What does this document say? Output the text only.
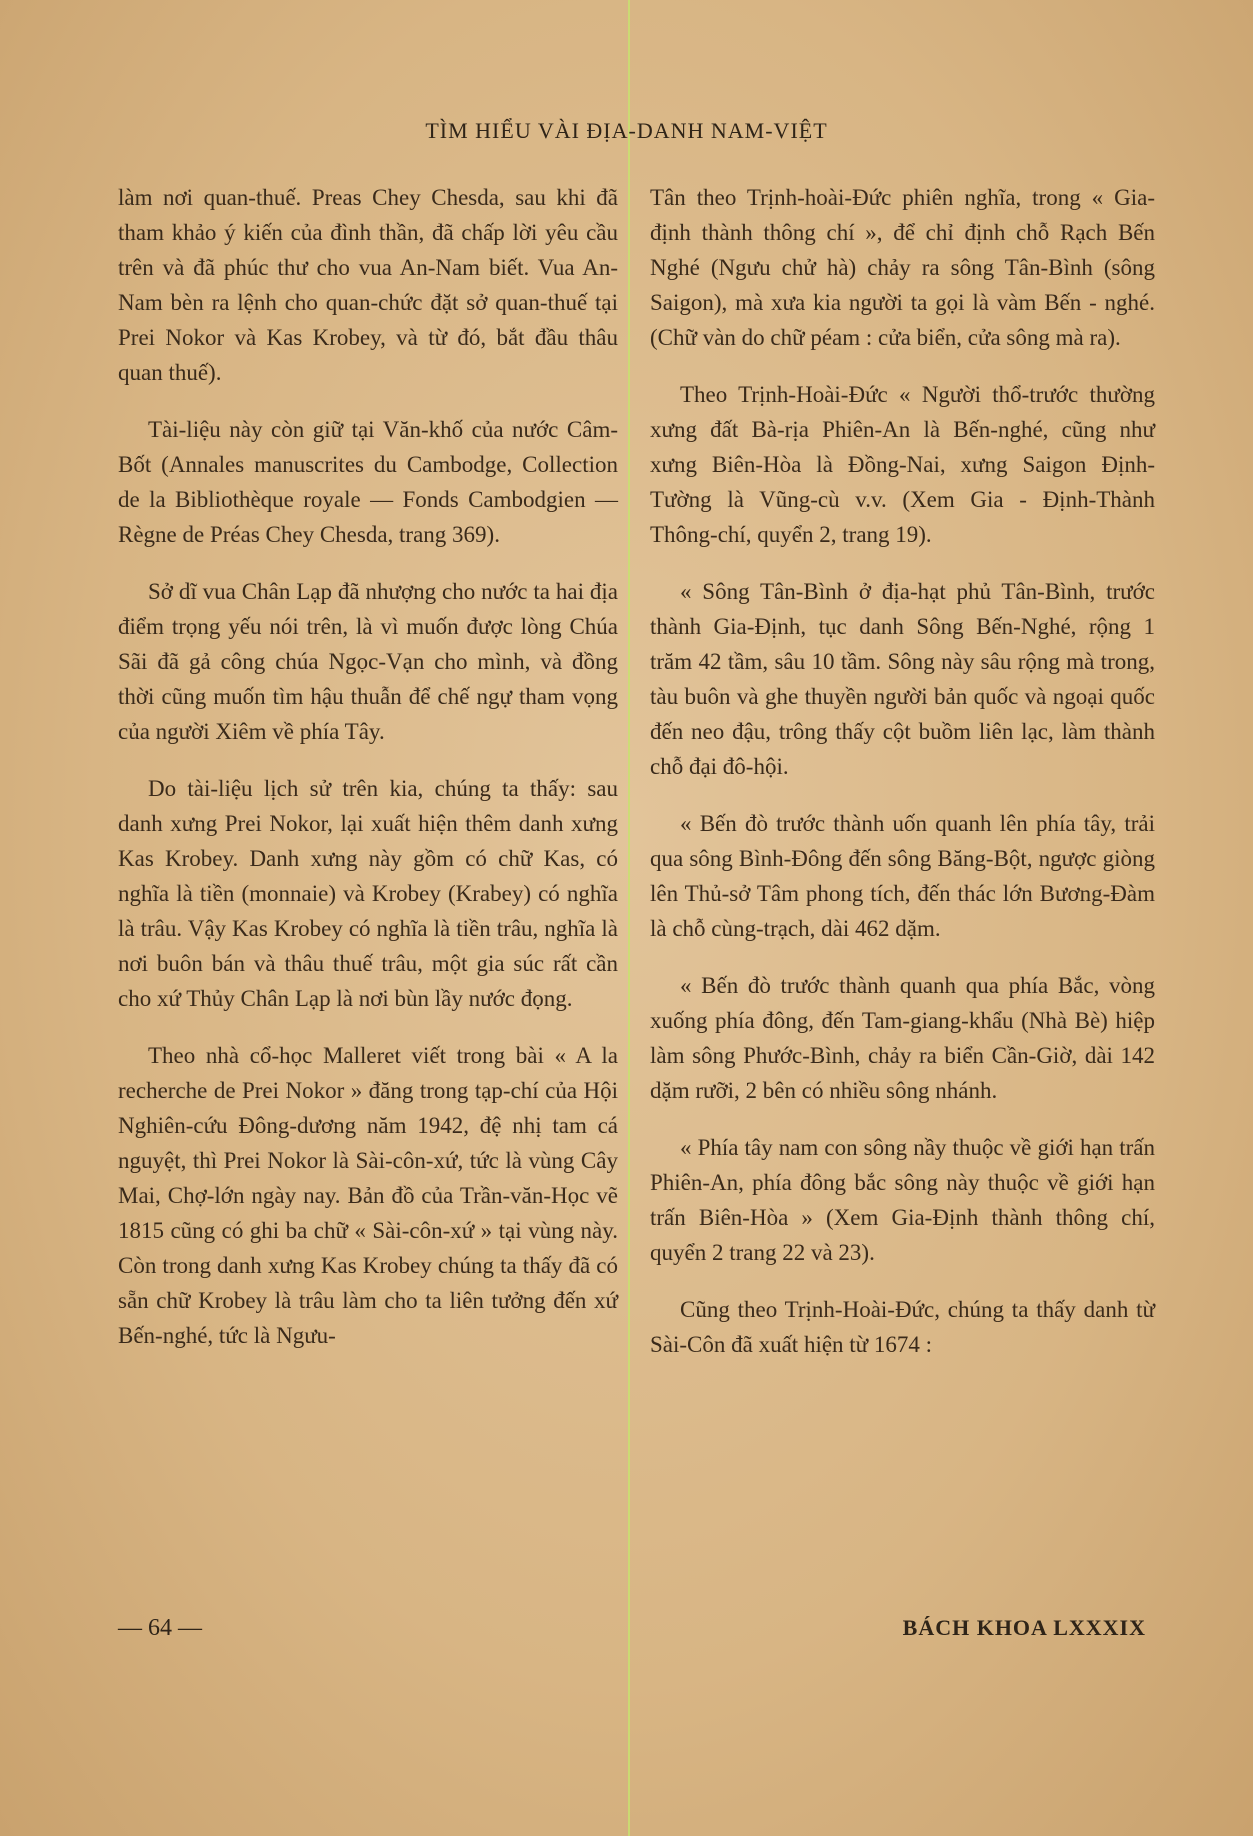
TÌM HIỂU VÀI ĐỊA-DANH NAM-VIỆT

làm nơi quan-thuế. Preas Chey Chesda, sau khi đã tham khảo ý kiến của đình thần, đã chấp lời yêu cầu trên và đã phúc thư cho vua An-Nam biết. Vua An-Nam bèn ra lệnh cho quan-chức đặt sở quan-thuế tại Prei Nokor và Kas Krobey, và từ đó, bắt đầu thâu quan thuế).

Tài-liệu này còn giữ tại Văn-khố của nước Câm-Bốt (Annales manuscrites du Cambodge, Collection de la Bibliothèque royale — Fonds Cambodgien — Règne de Préas Chey Chesda, trang 369).

Sở dĩ vua Chân Lạp đã nhượng cho nước ta hai địa điểm trọng yếu nói trên, là vì muốn được lòng Chúa Sãi đã gả công chúa Ngọc-Vạn cho mình, và đồng thời cũng muốn tìm hậu thuẫn để chế ngự tham vọng của người Xiêm về phía Tây.

Do tài-liệu lịch sử trên kia, chúng ta thấy: sau danh xưng Prei Nokor, lại xuất hiện thêm danh xưng Kas Krobey. Danh xưng này gồm có chữ Kas, có nghĩa là tiền (monnaie) và Krobey (Krabey) có nghĩa là trâu. Vậy Kas Krobey có nghĩa là tiền trâu, nghĩa là nơi buôn bán và thâu thuế trâu, một gia súc rất cần cho xứ Thủy Chân Lạp là nơi bùn lầy nước đọng.

Theo nhà cổ-học Malleret viết trong bài « A la recherche de Prei Nokor » đăng trong tạp-chí của Hội Nghiên-cứu Đông-dương năm 1942, đệ nhị tam cá nguyệt, thì Prei Nokor là Sài-côn-xứ, tức là vùng Cây Mai, Chợ-lớn ngày nay. Bản đồ của Trần-văn-Học vẽ 1815 cũng có ghi ba chữ « Sài-côn-xứ » tại vùng này. Còn trong danh xưng Kas Krobey chúng ta thấy đã có sẵn chữ Krobey là trâu làm cho ta liên tưởng đến xứ Bến-nghé, tức là Ngưu-

Tân theo Trịnh-hoài-Đức phiên nghĩa, trong « Gia-định thành thông chí », để chỉ định chỗ Rạch Bến Nghé (Ngưu chử hà) chảy ra sông Tân-Bình (sông Saigon), mà xưa kia người ta gọi là vàm Bến - nghé. (Chữ vàn do chữ péam : cửa biển, cửa sông mà ra).

Theo Trịnh-Hoài-Đức « Người thổ-trước thường xưng đất Bà-rịa Phiên-An là Bến-nghé, cũng như xưng Biên-Hòa là Đồng-Nai, xưng Saigon Định-Tường là Vũng-cù v.v. (Xem Gia - Định-Thành Thông-chí, quyển 2, trang 19).

« Sông Tân-Bình ở địa-hạt phủ Tân-Bình, trước thành Gia-Định, tục danh Sông Bến-Nghé, rộng 1 trăm 42 tầm, sâu 10 tầm. Sông này sâu rộng mà trong, tàu buôn và ghe thuyền người bản quốc và ngoại quốc đến neo đậu, trông thấy cột buồm liên lạc, làm thành chỗ đại đô-hội.

« Bến đò trước thành uốn quanh lên phía tây, trải qua sông Bình-Đông đến sông Băng-Bột, ngược giòng lên Thủ-sở Tâm phong tích, đến thác lớn Bương-Đàm là chỗ cùng-trạch, dài 462 dặm.

« Bến đò trước thành quanh qua phía Bắc, vòng xuống phía đông, đến Tam-giang-khẩu (Nhà Bè) hiệp làm sông Phước-Bình, chảy ra biển Cần-Giờ, dài 142 dặm rưỡi, 2 bên có nhiều sông nhánh.

« Phía tây nam con sông nầy thuộc về giới hạn trấn Phiên-An, phía đông bắc sông này thuộc về giới hạn trấn Biên-Hòa » (Xem Gia-Định thành thông chí, quyển 2 trang 22 và 23).

Cũng theo Trịnh-Hoài-Đức, chúng ta thấy danh từ Sài-Côn đã xuất hiện từ 1674 :

— 64 —	BÁCH KHOA LXXXIX
